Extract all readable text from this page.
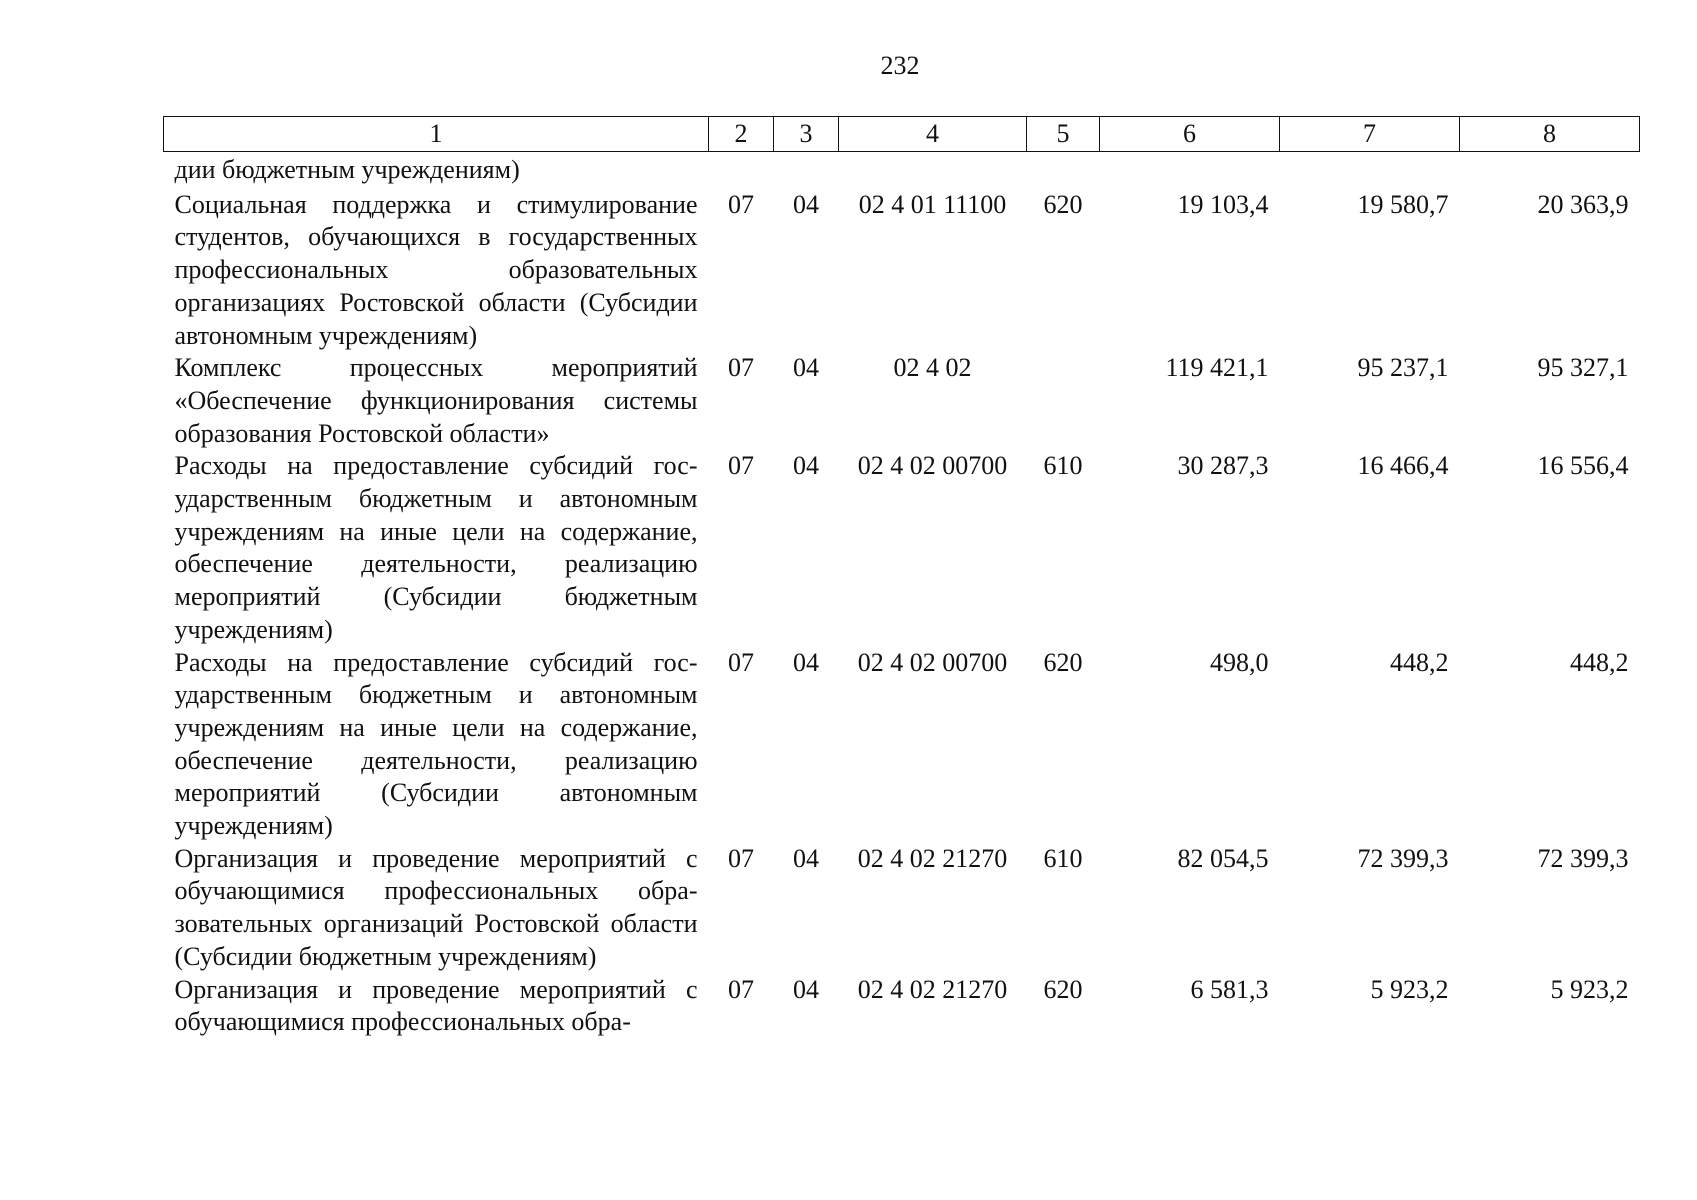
232
1	2	3	4	5	6	7	8
дии бюджетным учреждениям)							
Социальная поддержка и стимулирование студентов, обучающихся в государственных профессиональных образовательных организациях Ростовской области (Субсидии автономным учреждениям)	07	04	02 4 01 11100	620	19 103,4	19 580,7	20 363,9
Комплекс процессных мероприятий «Обеспечение функционирования системы образования Ростовской области»	07	04	02 4 02		119 421,1	95 237,1	95 327,1
Расходы на предоставление субсидий государственным бюджетным и автономным учреждениям на иные цели на содержание, обеспечение деятельности, реализацию мероприятий (Субсидии бюджетным учреждениям)	07	04	02 4 02 00700	610	30 287,3	16 466,4	16 556,4
Расходы на предоставление субсидий государственным бюджетным и автономным учреждениям на иные цели на содержание, обеспечение деятельности, реализацию мероприятий (Субсидии автономным учреждениям)	07	04	02 4 02 00700	620	498,0	448,2	448,2
Организация и проведение мероприятий с обучающимися профессиональных образовательных организаций Ростовской области (Субсидии бюджетным учреждениям)	07	04	02 4 02 21270	610	82 054,5	72 399,3	72 399,3
Организация и проведение мероприятий с обучающимися профессиональных обра-	07	04	02 4 02 21270	620	6 581,3	5 923,2	5 923,2
